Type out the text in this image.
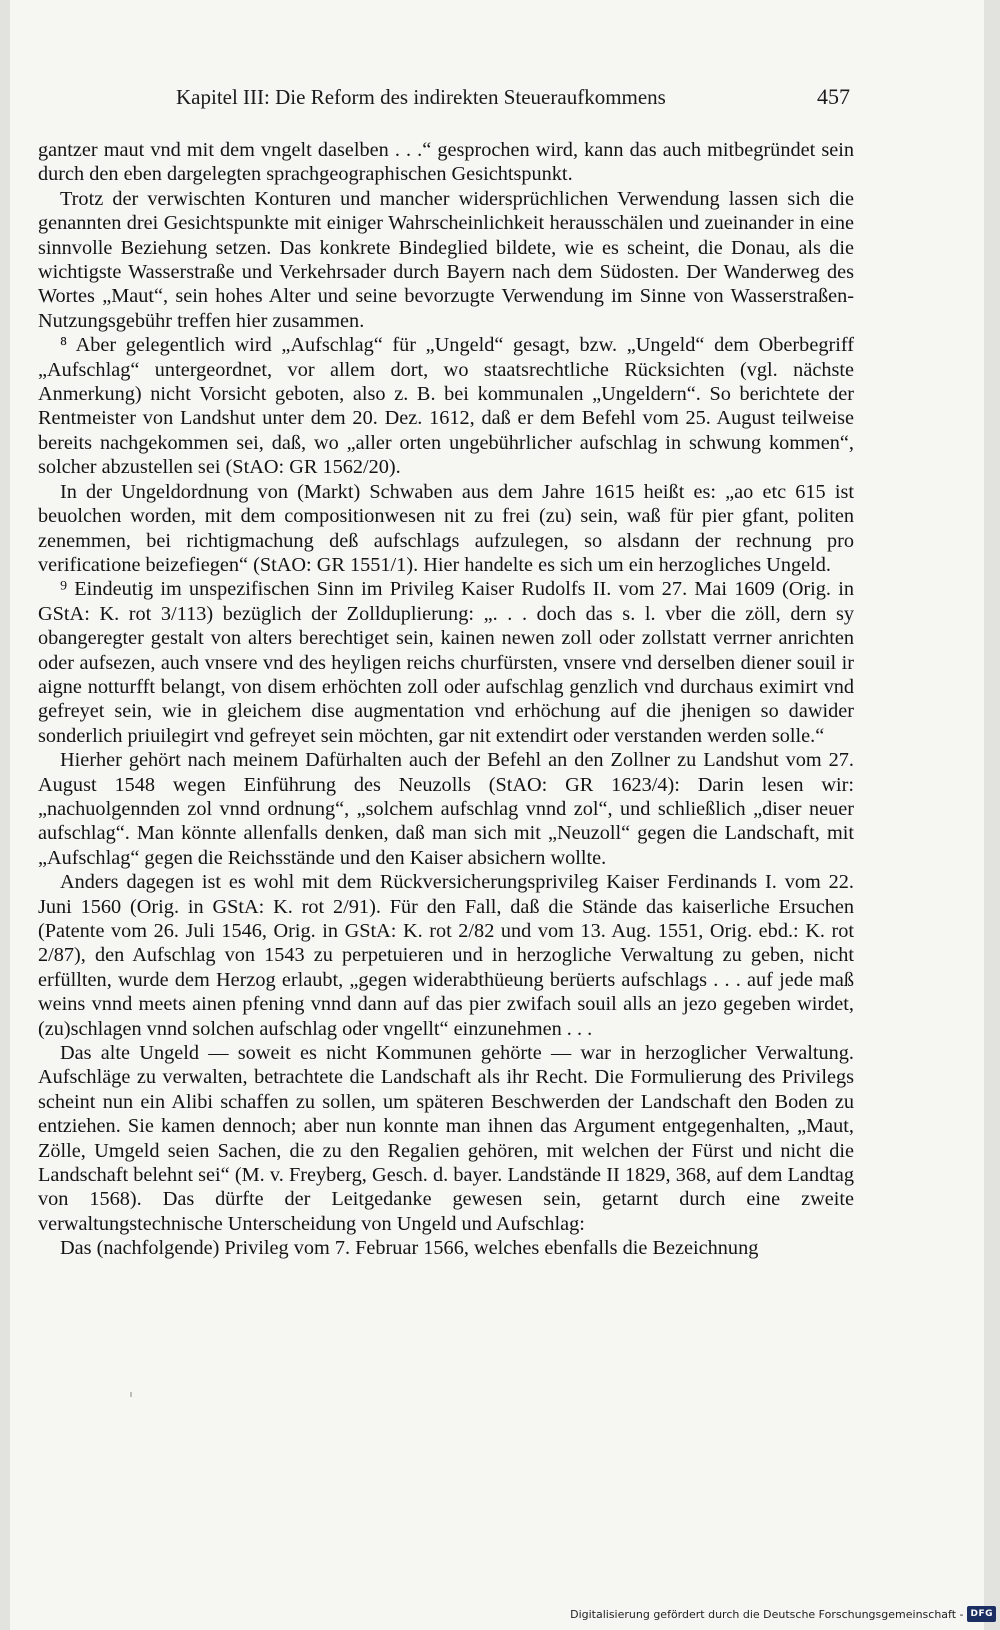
Kapitel III: Die Reform des indirekten Steueraufkommens	457

gantzer maut vnd mit dem vngelt daselben . . .“ gesprochen wird, kann das auch mitbegründet sein durch den eben dargelegten sprachgeographischen Gesichtspunkt.

Trotz der verwischten Konturen und mancher widersprüchlichen Verwendung lassen sich die genannten drei Gesichtspunkte mit einiger Wahrscheinlichkeit herausschälen und zueinander in eine sinnvolle Beziehung setzen. Das konkrete Bindeglied bildete, wie es scheint, die Donau, als die wichtigste Wasserstraße und Verkehrsader durch Bayern nach dem Südosten. Der Wanderweg des Wortes „Maut“, sein hohes Alter und seine bevorzugte Verwendung im Sinne von Wasserstraßen-Nutzungsgebühr treffen hier zusammen.

⁸ Aber gelegentlich wird „Aufschlag“ für „Ungeld“ gesagt, bzw. „Ungeld“ dem Oberbegriff „Aufschlag“ untergeordnet, vor allem dort, wo staatsrechtliche Rücksichten (vgl. nächste Anmerkung) nicht Vorsicht geboten, also z. B. bei kommunalen „Ungeldern“. So berichtete der Rentmeister von Landshut unter dem 20. Dez. 1612, daß er dem Befehl vom 25. August teilweise bereits nachgekommen sei, daß, wo „aller orten ungebührlicher aufschlag in schwung kommen“, solcher abzustellen sei (StAO: GR 1562/20).

In der Ungeldordnung von (Markt) Schwaben aus dem Jahre 1615 heißt es: „ao etc 615 ist beuolchen worden, mit dem compositionwesen nit zu frei (zu) sein, waß für pier gfant, politen zenemmen, bei richtigmachung deß aufschlags aufzulegen, so alsdann der rechnung pro verificatione beizefiegen“ (StAO: GR 1551/1). Hier handelte es sich um ein herzogliches Ungeld.

⁹ Eindeutig im unspezifischen Sinn im Privileg Kaiser Rudolfs II. vom 27. Mai 1609 (Orig. in GStA: K. rot 3/113) bezüglich der Zollduplierung: „. . . doch das s. l. vber die zöll, dern sy obangeregter gestalt von alters berechtiget sein, kainen newen zoll oder zollstatt verrner anrichten oder aufsezen, auch vnsere vnd des heyligen reichs churfürsten, vnsere vnd derselben diener souil ir aigne notturfft belangt, von disem erhöchten zoll oder aufschlag genzlich vnd durchaus eximirt vnd gefreyet sein, wie in gleichem dise augmentation vnd erhöchung auf die jhenigen so dawider sonderlich priuilegirt vnd gefreyet sein möchten, gar nit extendirt oder verstanden werden solle.“

Hierher gehört nach meinem Dafürhalten auch der Befehl an den Zollner zu Landshut vom 27. August 1548 wegen Einführung des Neuzolls (StAO: GR 1623/4): Darin lesen wir: „nachuolgennden zol vnnd ordnung“, „solchem aufschlag vnnd zol“, und schließlich „diser neuer aufschlag“. Man könnte allenfalls denken, daß man sich mit „Neuzoll“ gegen die Landschaft, mit „Aufschlag“ gegen die Reichsstände und den Kaiser absichern wollte.

Anders dagegen ist es wohl mit dem Rückversicherungsprivileg Kaiser Ferdinands I. vom 22. Juni 1560 (Orig. in GStA: K. rot 2/91). Für den Fall, daß die Stände das kaiserliche Ersuchen (Patente vom 26. Juli 1546, Orig. in GStA: K. rot 2/82 und vom 13. Aug. 1551, Orig. ebd.: K. rot 2/87), den Aufschlag von 1543 zu perpetuieren und in herzogliche Verwaltung zu geben, nicht erfüllten, wurde dem Herzog erlaubt, „gegen widerabthüeung berüerts aufschlags . . . auf jede maß weins vnnd meets ainen pfening vnnd dann auf das pier zwifach souil alls an jezo gegeben wirdet, (zu)schlagen vnnd solchen aufschlag oder vngellt“ einzunehmen . . .

Das alte Ungeld — soweit es nicht Kommunen gehörte — war in herzoglicher Verwaltung. Aufschläge zu verwalten, betrachtete die Landschaft als ihr Recht. Die Formulierung des Privilegs scheint nun ein Alibi schaffen zu sollen, um späteren Beschwerden der Landschaft den Boden zu entziehen. Sie kamen dennoch; aber nun konnte man ihnen das Argument entgegenhalten, „Maut, Zölle, Umgeld seien Sachen, die zu den Regalien gehören, mit welchen der Fürst und nicht die Landschaft belehnt sei“ (M. v. Freyberg, Gesch. d. bayer. Landstände II 1829, 368, auf dem Landtag von 1568). Das dürfte der Leitgedanke gewesen sein, getarnt durch eine zweite verwaltungstechnische Unterscheidung von Ungeld und Aufschlag:

Das (nachfolgende) Privileg vom 7. Februar 1566, welches ebenfalls die Bezeichnung

Digitalisierung gefördert durch die Deutsche Forschungsgemeinschaft - DFG
